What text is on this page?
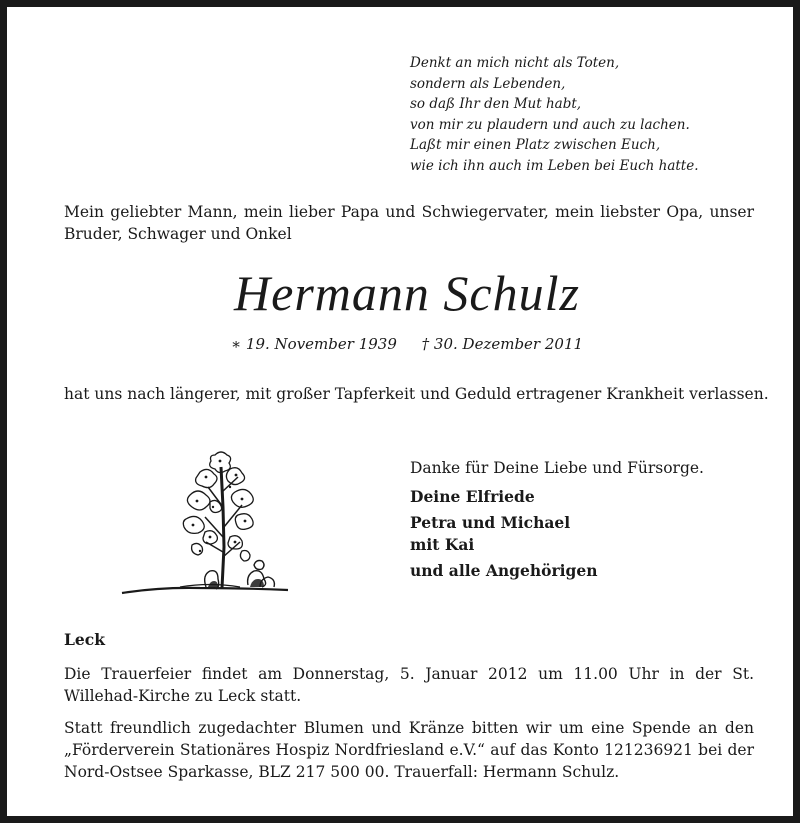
Denkt an mich nicht als Toten,
sondern als Lebenden,
so daß Ihr den Mut habt,
von mir zu plaudern und auch zu lachen.
Laßt mir einen Platz zwischen Euch,
wie ich ihn auch im Leben bei Euch hatte.
Mein geliebter Mann, mein lieber Papa und Schwiegervater, mein liebster Opa, unser Bruder, Schwager und Onkel
Hermann Schulz
∗ 19. November 1939 † 30. Dezember 2011
hat uns nach längerer, mit großer Tapferkeit und Geduld ertragener Krankheit verlassen.
Danke für Deine Liebe und Fürsorge.
Deine Elfriede
Petra und Michael
mit Kai
und alle Angehörigen
Leck
Die Trauerfeier findet am Donnerstag, 5. Januar 2012 um 11.00 Uhr in der St. Willehad-Kirche zu Leck statt.
Statt freundlich zugedachter Blumen und Kränze bitten wir um eine Spende an den „Förderverein Stationäres Hospiz Nordfriesland e.V.“ auf das Konto 121236921 bei der Nord-Ostsee Sparkasse, BLZ 217 500 00. Trauerfall: Hermann Schulz.
